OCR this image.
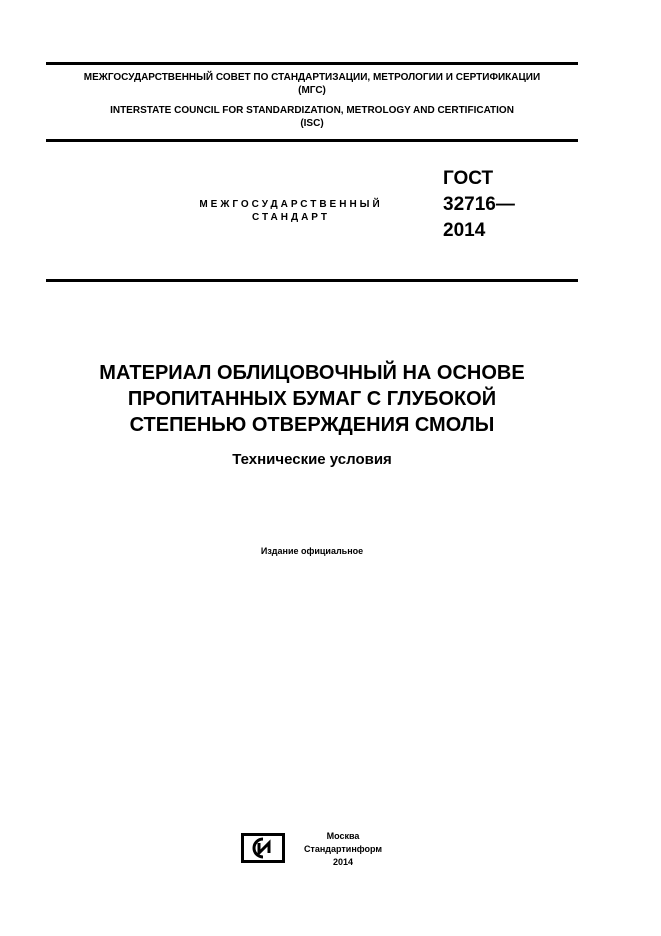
МЕЖГОСУДАРСТВЕННЫЙ СОВЕТ ПО СТАНДАРТИЗАЦИИ, МЕТРОЛОГИИ И СЕРТИФИКАЦИИ
(МГС)
INTERSTATE COUNCIL FOR STANDARDIZATION, METROLOGY AND CERTIFICATION
(ISC)
МЕЖГОСУДАРСТВЕННЫЙ
СТАНДАРТ
ГОСТ
32716—
2014
МАТЕРИАЛ ОБЛИЦОВОЧНЫЙ НА ОСНОВЕ
ПРОПИТАННЫХ БУМАГ С ГЛУБОКОЙ
СТЕПЕНЬЮ ОТВЕРЖДЕНИЯ СМОЛЫ
Технические условия
Издание официальное
Москва
Стандартинформ
2014
